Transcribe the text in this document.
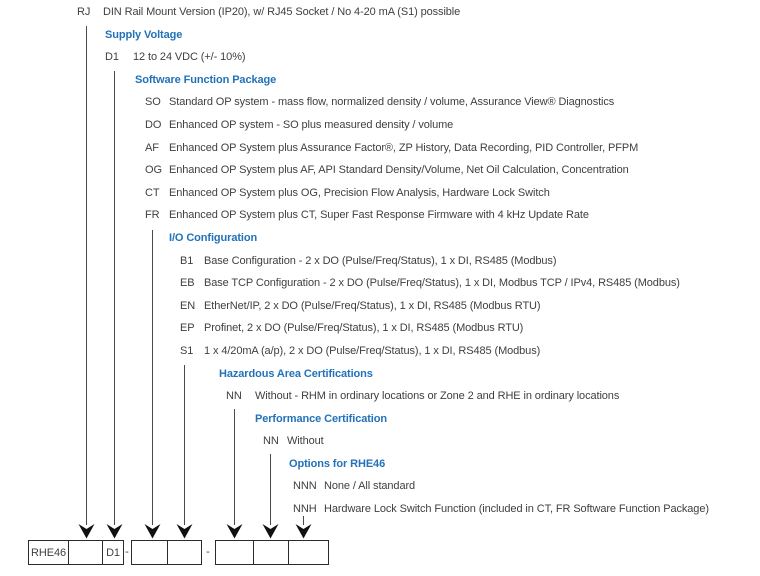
RJ DIN Rail Mount Version (IP20), w/ RJ45 Socket / No 4-20 mA (S1) possible
Supply Voltage
D1 12 to 24 VDC (+/- 10%)
Software Function Package
SO Standard OP system - mass flow, normalized density / volume, Assurance View® Diagnostics
DO Enhanced OP system - SO plus measured density / volume
AF Enhanced OP System plus Assurance Factor®, ZP History, Data Recording, PID Controller, PFPM
OG Enhanced OP System plus AF, API Standard Density/Volume, Net Oil Calculation, Concentration
CT Enhanced OP System plus OG, Precision Flow Analysis, Hardware Lock Switch
FR Enhanced OP System plus CT, Super Fast Response Firmware with 4 kHz Update Rate
I/O Configuration
B1 Base Configuration - 2 x DO (Pulse/Freq/Status), 1 x DI, RS485 (Modbus)
EB Base TCP Configuration - 2 x DO (Pulse/Freq/Status), 1 x DI, Modbus TCP / IPv4, RS485 (Modbus)
EN EtherNet/IP, 2 x DO (Pulse/Freq/Status), 1 x DI, RS485 (Modbus RTU)
EP Profinet, 2 x DO (Pulse/Freq/Status), 1 x DI, RS485 (Modbus RTU)
S1 1 x 4/20mA (a/p), 2 x DO (Pulse/Freq/Status), 1 x DI, RS485 (Modbus)
Hazardous Area Certifications
NN Without - RHM in ordinary locations or Zone 2 and RHE in ordinary locations
Performance Certification
NN Without
Options for RHE46
NNN None / All standard
NNH Hardware Lock Switch Function (included in CT, FR Software Function Package)
RHE46	D1 -	-
